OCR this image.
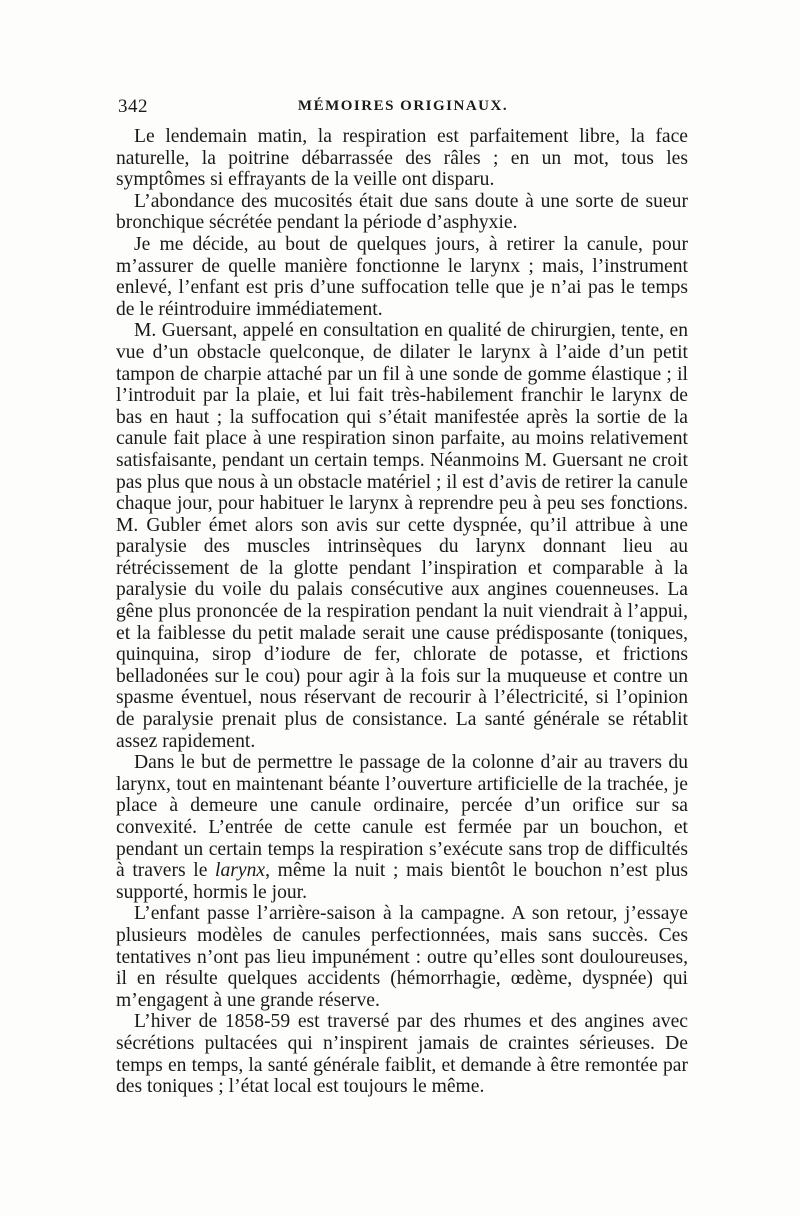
342	MÉMOIRES ORIGINAUX.

Le lendemain matin, la respiration est parfaitement libre, la face naturelle, la poitrine débarrassée des râles ; en un mot, tous les symptômes si effrayants de la veille ont disparu.

L’abondance des mucosités était due sans doute à une sorte de sueur bronchique sécrétée pendant la période d’asphyxie.

Je me décide, au bout de quelques jours, à retirer la canule, pour m’assurer de quelle manière fonctionne le larynx ; mais, l’instrument enlevé, l’enfant est pris d’une suffocation telle que je n’ai pas le temps de le réintroduire immédiatement.

M. Guersant, appelé en consultation en qualité de chirurgien, tente, en vue d’un obstacle quelconque, de dilater le larynx à l’aide d’un petit tampon de charpie attaché par un fil à une sonde de gomme élastique ; il l’introduit par la plaie, et lui fait très-habilement franchir le larynx de bas en haut ; la suffocation qui s’était manifestée après la sortie de la canule fait place à une respiration sinon parfaite, au moins relativement satisfaisante, pendant un certain temps. Néanmoins M. Guersant ne croit pas plus que nous à un obstacle matériel ; il est d’avis de retirer la canule chaque jour, pour habituer le larynx à reprendre peu à peu ses fonctions. M. Gubler émet alors son avis sur cette dyspnée, qu’il attribue à une paralysie des muscles intrinsèques du larynx donnant lieu au rétrécissement de la glotte pendant l’inspiration et comparable à la paralysie du voile du palais consécutive aux angines couenneuses. La gêne plus prononcée de la respiration pendant la nuit viendrait à l’appui, et la faiblesse du petit malade serait une cause prédisposante (toniques, quinquina, sirop d’iodure de fer, chlorate de potasse, et frictions belladonées sur le cou) pour agir à la fois sur la muqueuse et contre un spasme éventuel, nous réservant de recourir à l’électricité, si l’opinion de paralysie prenait plus de consistance. La santé générale se rétablit assez rapidement.

Dans le but de permettre le passage de la colonne d’air au travers du larynx, tout en maintenant béante l’ouverture artificielle de la trachée, je place à demeure une canule ordinaire, percée d’un orifice sur sa convexité. L’entrée de cette canule est fermée par un bouchon, et pendant un certain temps la respiration s’exécute sans trop de difficultés à travers le larynx, même la nuit ; mais bientôt le bouchon n’est plus supporté, hormis le jour.

L’enfant passe l’arrière-saison à la campagne. A son retour, j’essaye plusieurs modèles de canules perfectionnées, mais sans succès. Ces tentatives n’ont pas lieu impunément : outre qu’elles sont douloureuses, il en résulte quelques accidents (hémorrhagie, œdème, dyspnée) qui m’engagent à une grande réserve.

L’hiver de 1858-59 est traversé par des rhumes et des angines avec sécrétions pultacées qui n’inspirent jamais de craintes sérieuses. De temps en temps, la santé générale faiblit, et demande à être remontée par des toniques ; l’état local est toujours le même.
